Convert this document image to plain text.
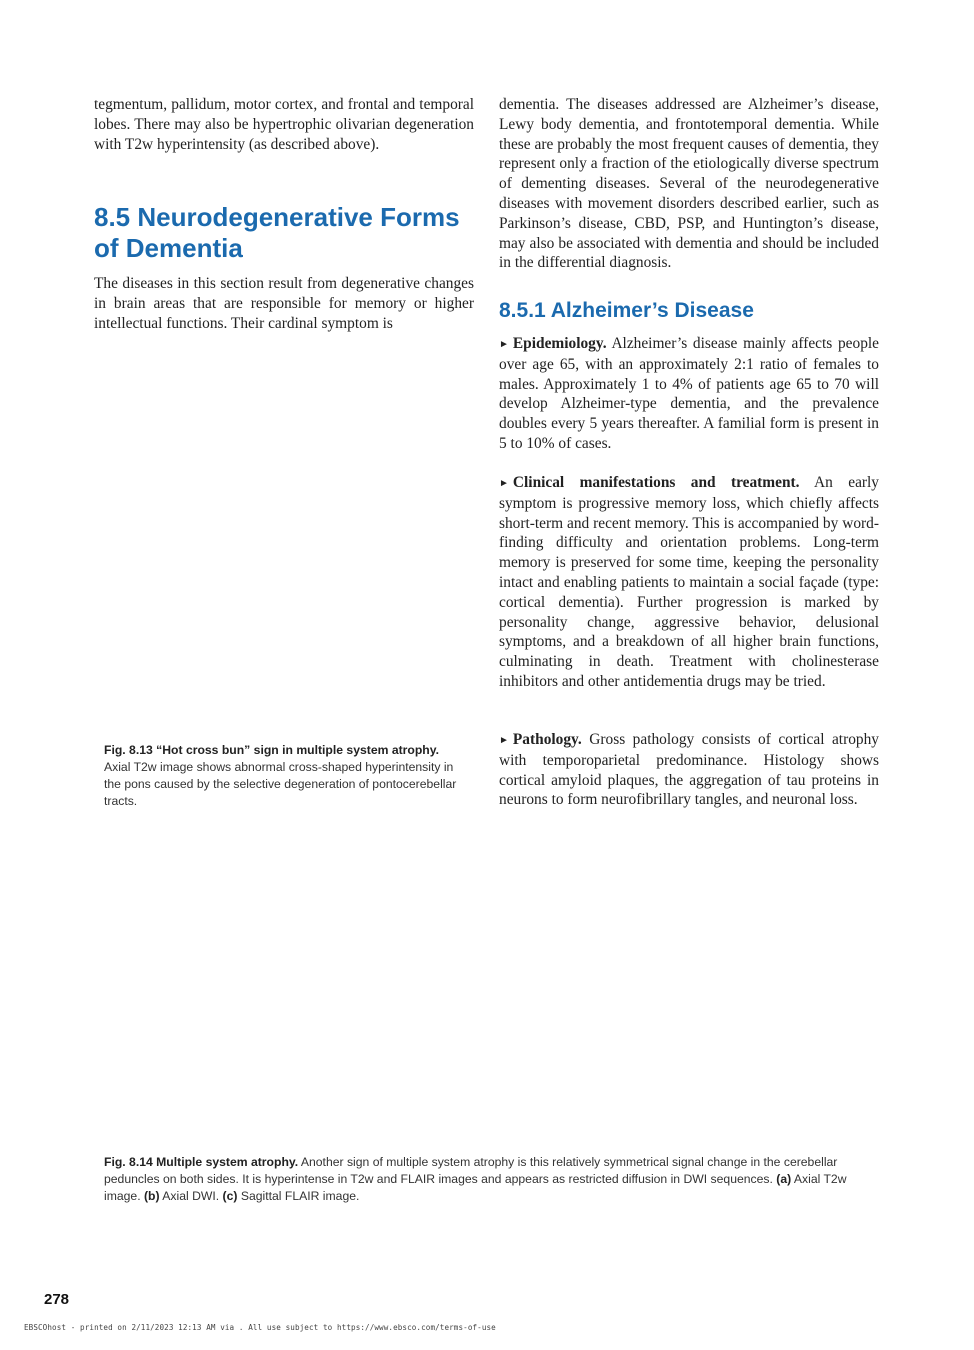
tegmentum, pallidum, motor cortex, and frontal and temporal lobes. There may also be hypertrophic olivarian degeneration with T2w hyperintensity (as described above).

8.5 Neurodegenerative Forms of Dementia

The diseases in this section result from degenerative changes in brain areas that are responsible for memory or higher intellectual functions. Their cardinal symptom is

dementia. The diseases addressed are Alzheimer’s disease, Lewy body dementia, and frontotemporal dementia. While these are probably the most frequent causes of dementia, they represent only a fraction of the etiologically diverse spectrum of dementing diseases. Several of the neurodegenerative diseases with movement disorders described earlier, such as Parkinson’s disease, CBD, PSP, and Huntington’s disease, may also be associated with dementia and should be included in the differential diagnosis.

8.5.1 Alzheimer’s Disease

► Epidemiology. Alzheimer’s disease mainly affects people over age 65, with an approximately 2:1 ratio of females to males. Approximately 1 to 4% of patients age 65 to 70 will develop Alzheimer-type dementia, and the prevalence doubles every 5 years thereafter. A familial form is present in 5 to 10% of cases.

► Clinical manifestations and treatment. An early symptom is progressive memory loss, which chiefly affects short-term and recent memory. This is accompanied by word-finding difficulty and orientation problems. Long-term memory is preserved for some time, keeping the personality intact and enabling patients to maintain a social façade (type: cortical dementia). Further progression is marked by personality change, aggressive behavior, delusional symptoms, and a breakdown of all higher brain functions, culminating in death. Treatment with cholinesterase inhibitors and other antidementia drugs may be tried.

► Pathology. Gross pathology consists of cortical atrophy with temporoparietal predominance. Histology shows cortical amyloid plaques, the aggregation of tau proteins in neurons to form neurofibrillary tangles, and neuronal loss.

Fig. 8.13 “Hot cross bun” sign in multiple system atrophy.
Axial T2w image shows abnormal cross-shaped hyperintensity in the pons caused by the selective degeneration of pontocerebellar tracts.

Fig. 8.14 Multiple system atrophy. Another sign of multiple system atrophy is this relatively symmetrical signal change in the cerebellar peduncles on both sides. It is hyperintense in T2w and FLAIR images and appears as restricted diffusion in DWI sequences. (a) Axial T2w image. (b) Axial DWI. (c) Sagittal FLAIR image.

278
EBSCOhost - printed on 2/11/2023 12:13 AM via . All use subject to https://www.ebsco.com/terms-of-use
